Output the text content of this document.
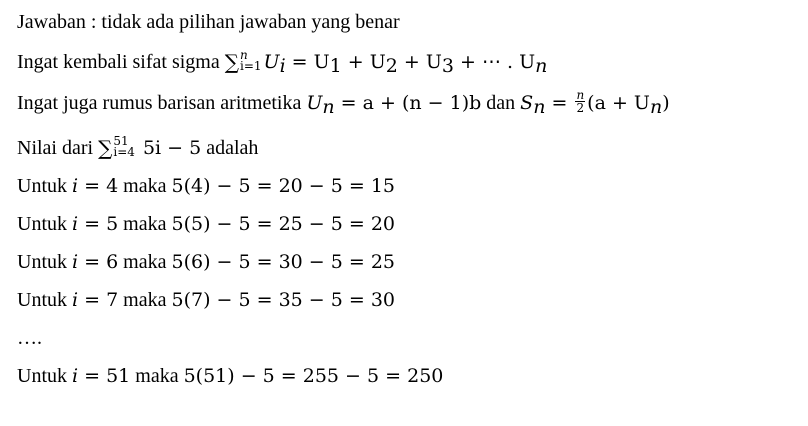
Jawaban : tidak ada pilihan jawaban yang benar
Ingat kembali sifat sigma ∑ n
i=1 $U_i = U_1 + U_2 + U_3$ + ⋯ . $U_n$
Ingat juga rumus barisan aritmetika $U_n = a + (n - 1)b$ dan $S_n = \frac{n}{2} (a + U_n)$
Nilai dari ∑ 51
i=4 5i − 5 adalah
Untuk i = 4 maka 5(4) − 5 = 20 − 5 = 15
Untuk i = 5 maka 5(5) − 5 = 25 − 5 = 20
Untuk i = 6 maka 5(6) − 5 = 30 − 5 = 25
Untuk i = 7 maka 5(7) − 5 = 35 − 5 = 30
….
Untuk i = 51 maka 5(51) − 5 = 255 − 5 = 250
